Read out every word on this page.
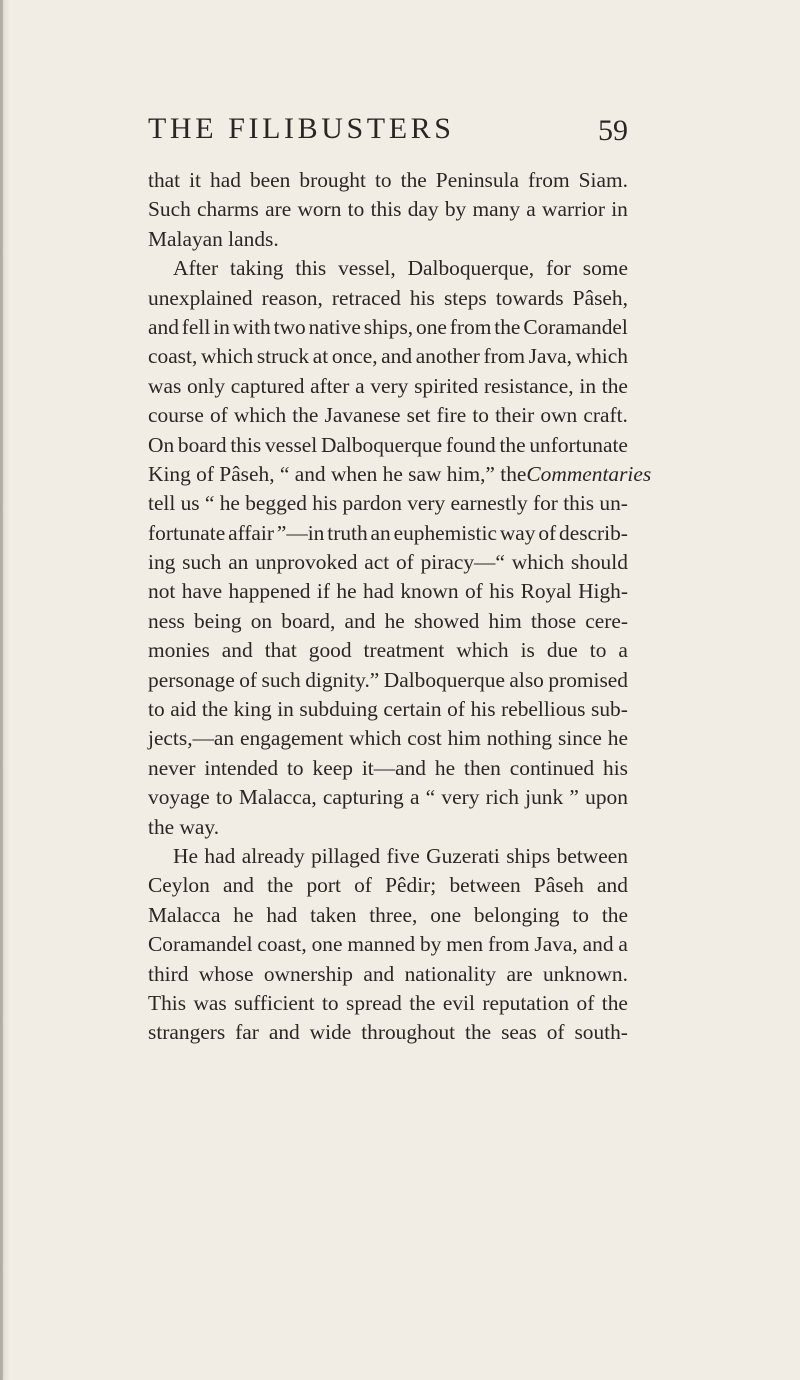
THE FILIBUSTERS	59
that it had been brought to the Peninsula from Siam.
Such charms are worn to this day by many a warrior in
Malayan lands.
After taking this vessel, Dalboquerque, for some
unexplained reason, retraced his steps towards Pâseh,
and fell in with two native ships, one from the Coramandel
coast, which struck at once, and another from Java, which
was only captured after a very spirited resistance, in the
course of which the Javanese set fire to their own craft.
On board this vessel Dalboquerque found the unfortunate
King of Pâseh, “ and when he saw him,” the Commentaries
tell us “ he begged his pardon very earnestly for this un-
fortunate affair ”—in truth an euphemistic way of describ-
ing such an unprovoked act of piracy—“ which should
not have happened if he had known of his Royal High-
ness being on board, and he showed him those cere-
monies and that good treatment which is due to a
personage of such dignity.” Dalboquerque also promised
to aid the king in subduing certain of his rebellious sub-
jects,—an engagement which cost him nothing since he
never intended to keep it—and he then continued his
voyage to Malacca, capturing a “ very rich junk ” upon
the way.
He had already pillaged five Guzerati ships between
Ceylon and the port of Pêdir; between Pâseh and
Malacca he had taken three, one belonging to the
Coramandel coast, one manned by men from Java, and a
third whose ownership and nationality are unknown.
This was sufficient to spread the evil reputation of the
strangers far and wide throughout the seas of south-
